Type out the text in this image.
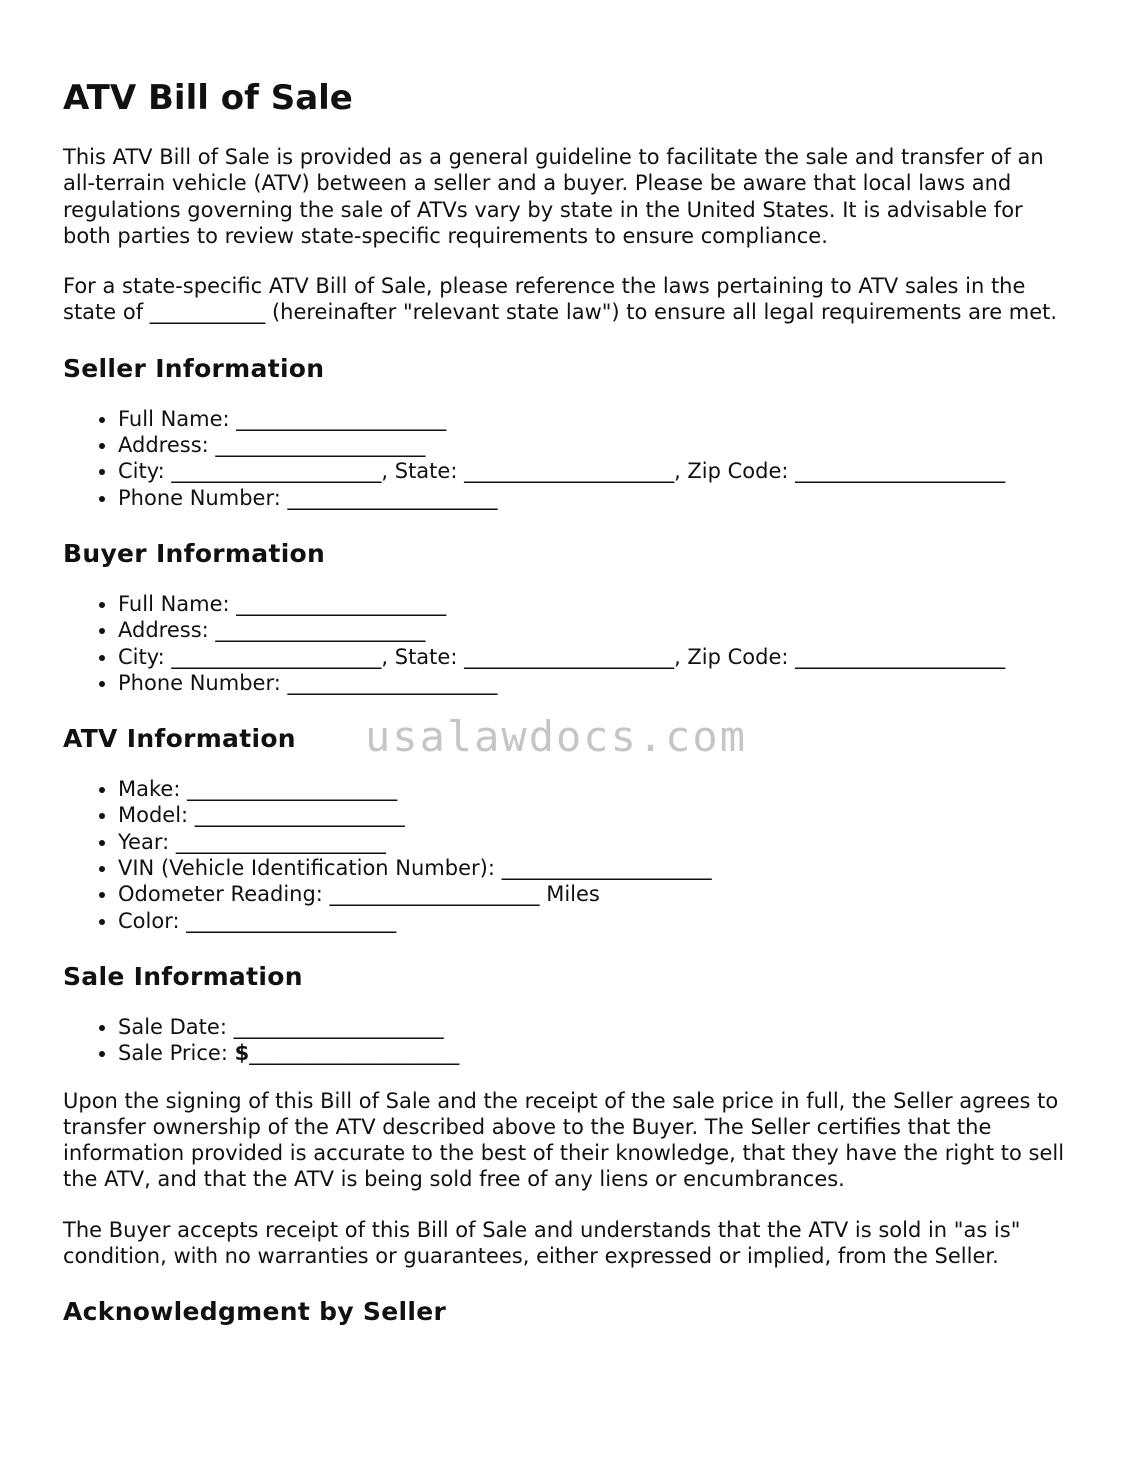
ATV Bill of Sale

This ATV Bill of Sale is provided as a general guideline to facilitate the sale and transfer of an all-terrain vehicle (ATV) between a seller and a buyer. Please be aware that local laws and regulations governing the sale of ATVs vary by state in the United States. It is advisable for both parties to review state-specific requirements to ensure compliance.

For a state-specific ATV Bill of Sale, please reference the laws pertaining to ATV sales in the state of ___________ (hereinafter "relevant state law") to ensure all legal requirements are met.

Seller Information
• Full Name: ____________________
• Address: ____________________
• City: ____________________, State: ____________________, Zip Code: ____________________
• Phone Number: ____________________
Buyer Information
• Full Name: ____________________
• Address: ____________________
• City: ____________________, State: ____________________, Zip Code: ____________________
• Phone Number: ____________________
ATV Information
• Make: ____________________
• Model: ____________________
• Year: ____________________
• VIN (Vehicle Identification Number): ____________________
• Odometer Reading: ____________________ Miles
• Color: ____________________
Sale Information
• Sale Date: ____________________
• Sale Price: $____________________

Upon the signing of this Bill of Sale and the receipt of the sale price in full, the Seller agrees to transfer ownership of the ATV described above to the Buyer. The Seller certifies that the information provided is accurate to the best of their knowledge, that they have the right to sell the ATV, and that the ATV is being sold free of any liens or encumbrances.

The Buyer accepts receipt of this Bill of Sale and understands that the ATV is sold in "as is" condition, with no warranties or guarantees, either expressed or implied, from the Seller.

Acknowledgment by Seller
usalawdocs.com
